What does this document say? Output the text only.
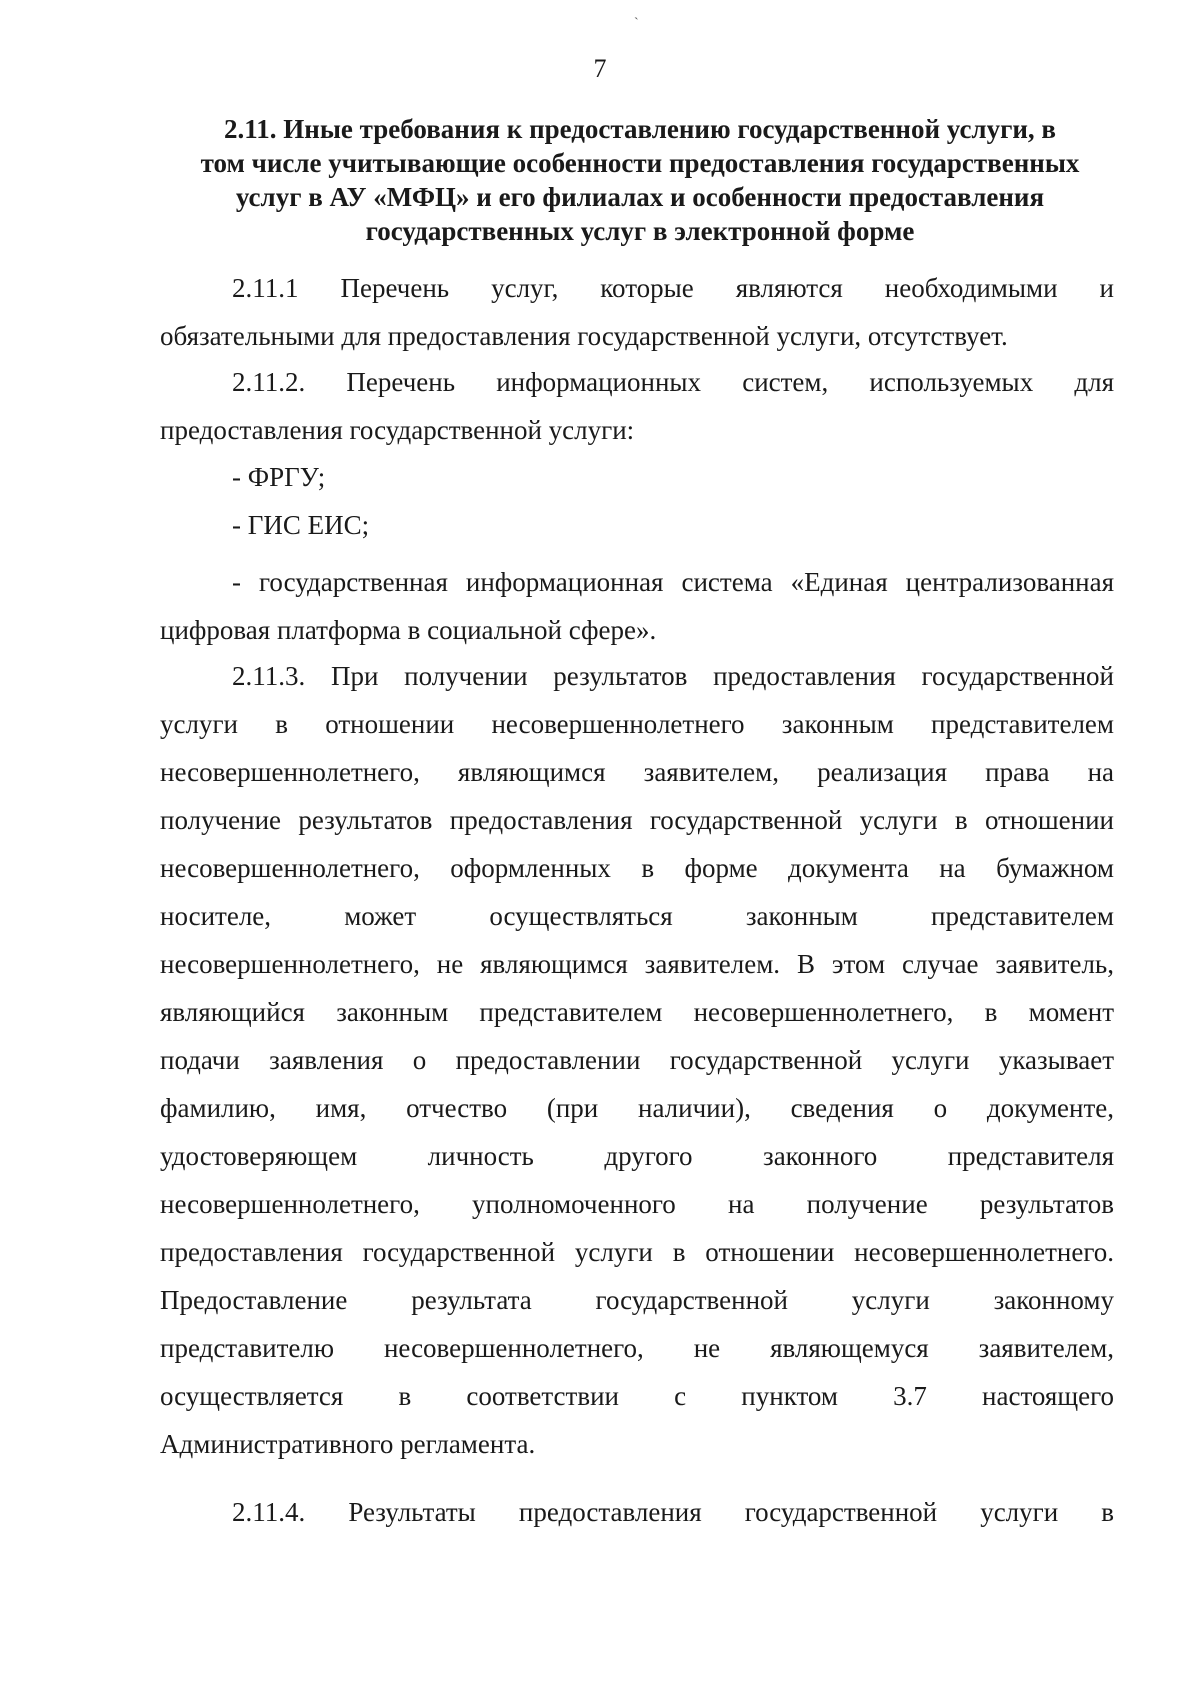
ˋ
7
2.11. Иные требования к предоставлению государственной услуги, в
том числе учитывающие особенности предоставления государственных
услуг в АУ «МФЦ» и его филиалах и особенности предоставления
государственных услуг в электронной форме
2.11.1 Перечень услуг, которые являются необходимыми и
обязательными для предоставления государственной услуги, отсутствует.
2.11.2. Перечень информационных систем, используемых для
предоставления государственной услуги:
- ФРГУ;
- ГИС ЕИС;
- государственная информационная система «Единая централизованная
цифровая платформа в социальной сфере».
2.11.3. При получении результатов предоставления государственной
услуги в отношении несовершеннолетнего законным представителем
несовершеннолетнего, являющимся заявителем, реализация права на
получение результатов предоставления государственной услуги в отношении
несовершеннолетнего, оформленных в форме документа на бумажном
носителе, может осуществляться законным представителем
несовершеннолетнего, не являющимся заявителем. В этом случае заявитель,
являющийся законным представителем несовершеннолетнего, в момент
подачи заявления о предоставлении государственной услуги указывает
фамилию, имя, отчество (при наличии), сведения о документе,
удостоверяющем личность другого законного представителя
несовершеннолетнего, уполномоченного на получение результатов
предоставления государственной услуги в отношении несовершеннолетнего.
Предоставление результата государственной услуги законному
представителю несовершеннолетнего, не являющемуся заявителем,
осуществляется в соответствии с пунктом 3.7 настоящего
Административного регламента.
2.11.4. Результаты предоставления государственной услуги в
